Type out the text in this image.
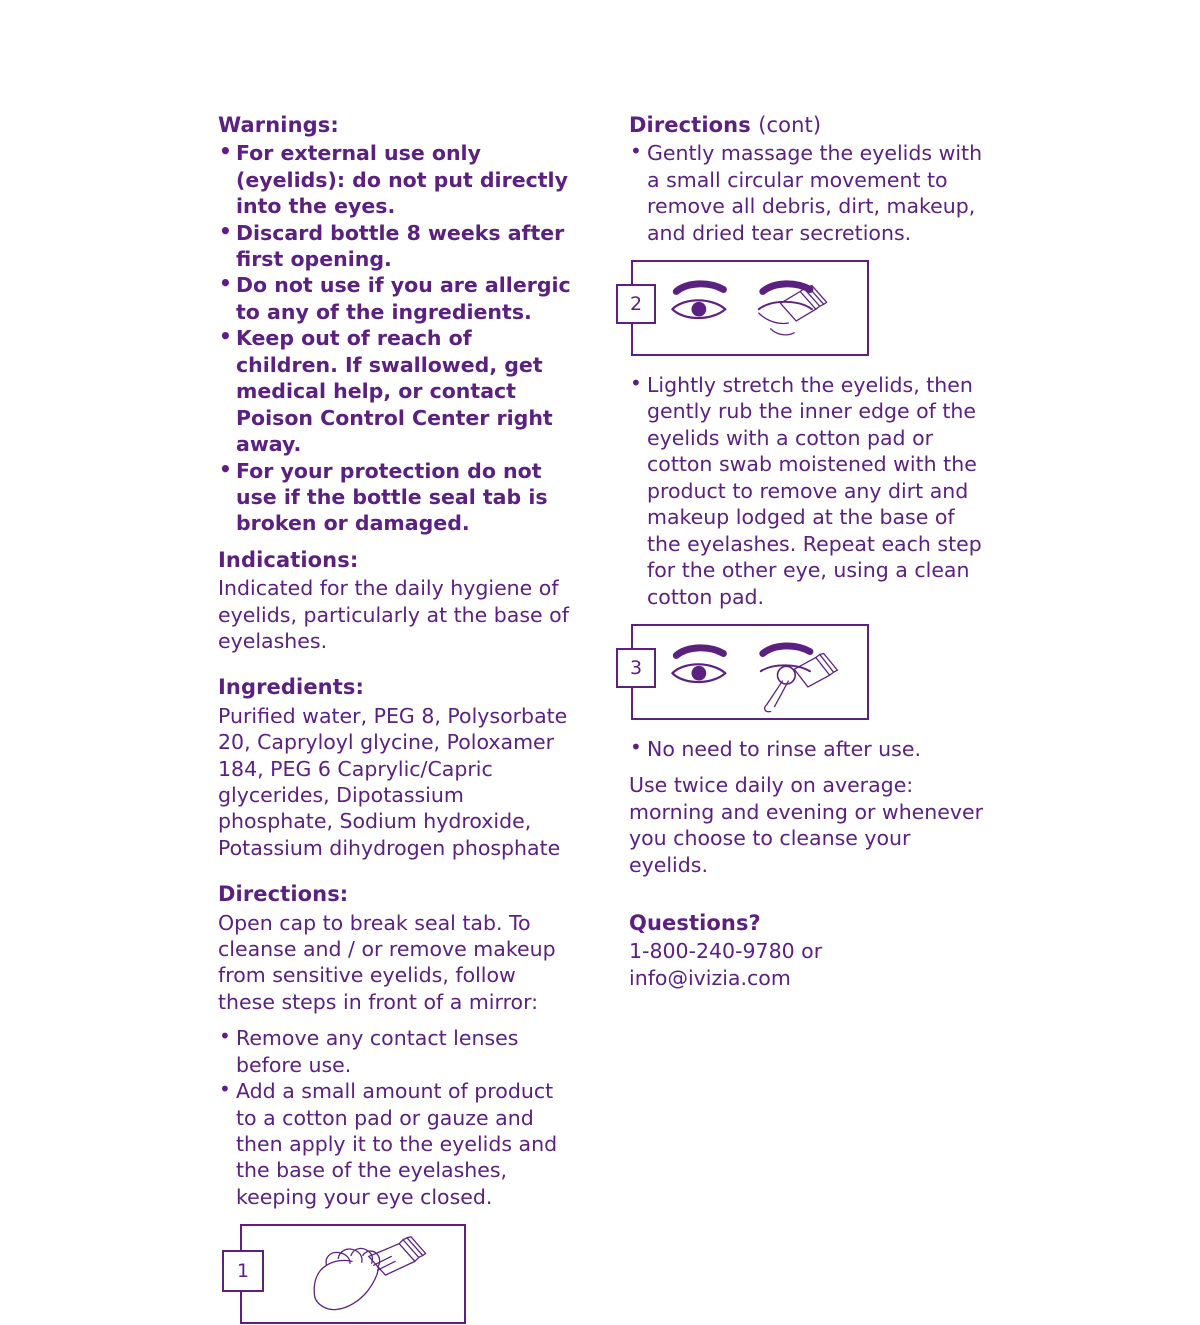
Warnings:
• For external use only (eyelids): do not put directly into the eyes.
• Discard bottle 8 weeks after first opening.
• Do not use if you are allergic to any of the ingredients.
• Keep out of reach of children. If swallowed, get medical help, or contact Poison Control Center right away.
• For your protection do not use if the bottle seal tab is broken or damaged.
Indications:

Indicated for the daily hygiene of eyelids, particularly at the base of eyelashes.

Ingredients:

Purified water, PEG 8, Polysorbate 20, Capryloyl glycine, Poloxamer 184, PEG 6 Caprylic/Capric glycerides, Dipotassium phosphate, Sodium hydroxide, Potassium dihydrogen phosphate

Directions:

Open cap to break seal tab. To cleanse and / or remove makeup from sensitive eyelids, follow these steps in front of a mirror:

• Remove any contact lenses before use.
• Add a small amount of product to a cotton pad or gauze and then apply it to the eyelids and the base of the eyelashes, keeping your eye closed.
1
Directions (cont)
• Gently massage the eyelids with a small circular movement to remove all debris, dirt, makeup, and dried tear secretions.
2
• Lightly stretch the eyelids, then gently rub the inner edge of the eyelids with a cotton pad or cotton swab moistened with the product to remove any dirt and makeup lodged at the base of the eyelashes. Repeat each step for the other eye, using a clean cotton pad.
3
• No need to rinse after use.

Use twice daily on average: morning and evening or whenever you choose to cleanse your eyelids.

Questions?

1-800-240-9780 or info@ivizia.com
